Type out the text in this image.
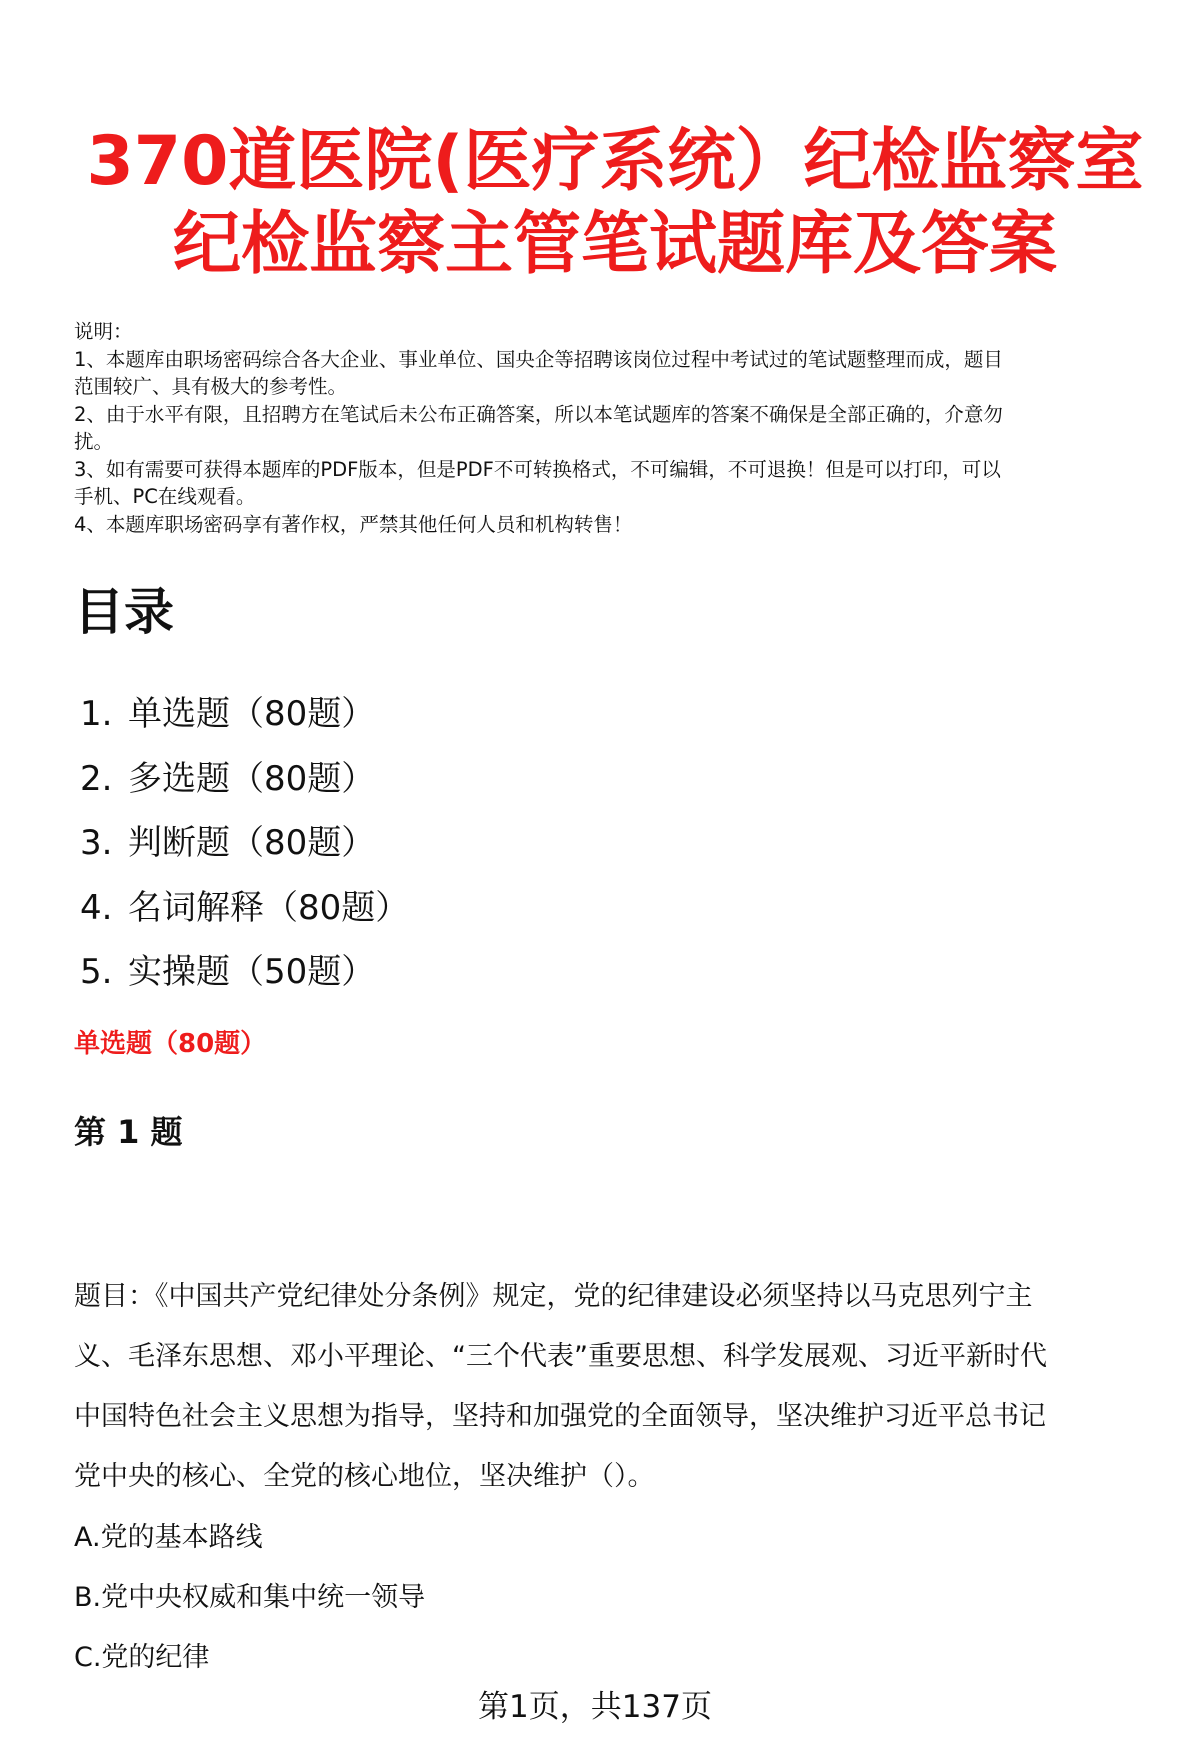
370道医院(医疗系统）纪检监察室
纪检监察主管笔试题库及答案
说明：
1、本题库由职场密码综合各大企业、事业单位、国央企等招聘该岗位过程中考试过的笔试题整理而成，题目
范围较广、具有极大的参考性。
2、由于水平有限，且招聘方在笔试后未公布正确答案，所以本笔试题库的答案不确保是全部正确的，介意勿
扰。
3、如有需要可获得本题库的PDF版本，但是PDF不可转换格式，不可编辑，不可退换！但是可以打印，可以
手机、PC在线观看。
4、本题库职场密码享有著作权，严禁其他任何人员和机构转售！
目录
1. 单选题（80题）
2. 多选题（80题）
3. 判断题（80题）
4. 名词解释（80题）
5. 实操题（50题）
单选题（80题）
第 1 题
题目：《中国共产党纪律处分条例》规定，党的纪律建设必须坚持以马克思列宁主
义、毛泽东思想、邓小平理论、“三个代表”重要思想、科学发展观、习近平新时代
中国特色社会主义思想为指导，坚持和加强党的全面领导，坚决维护习近平总书记
党中央的核心、全党的核心地位，坚决维护（）。
A.党的基本路线
B.党中央权威和集中统一领导
C.党的纪律
第1页，共137页
